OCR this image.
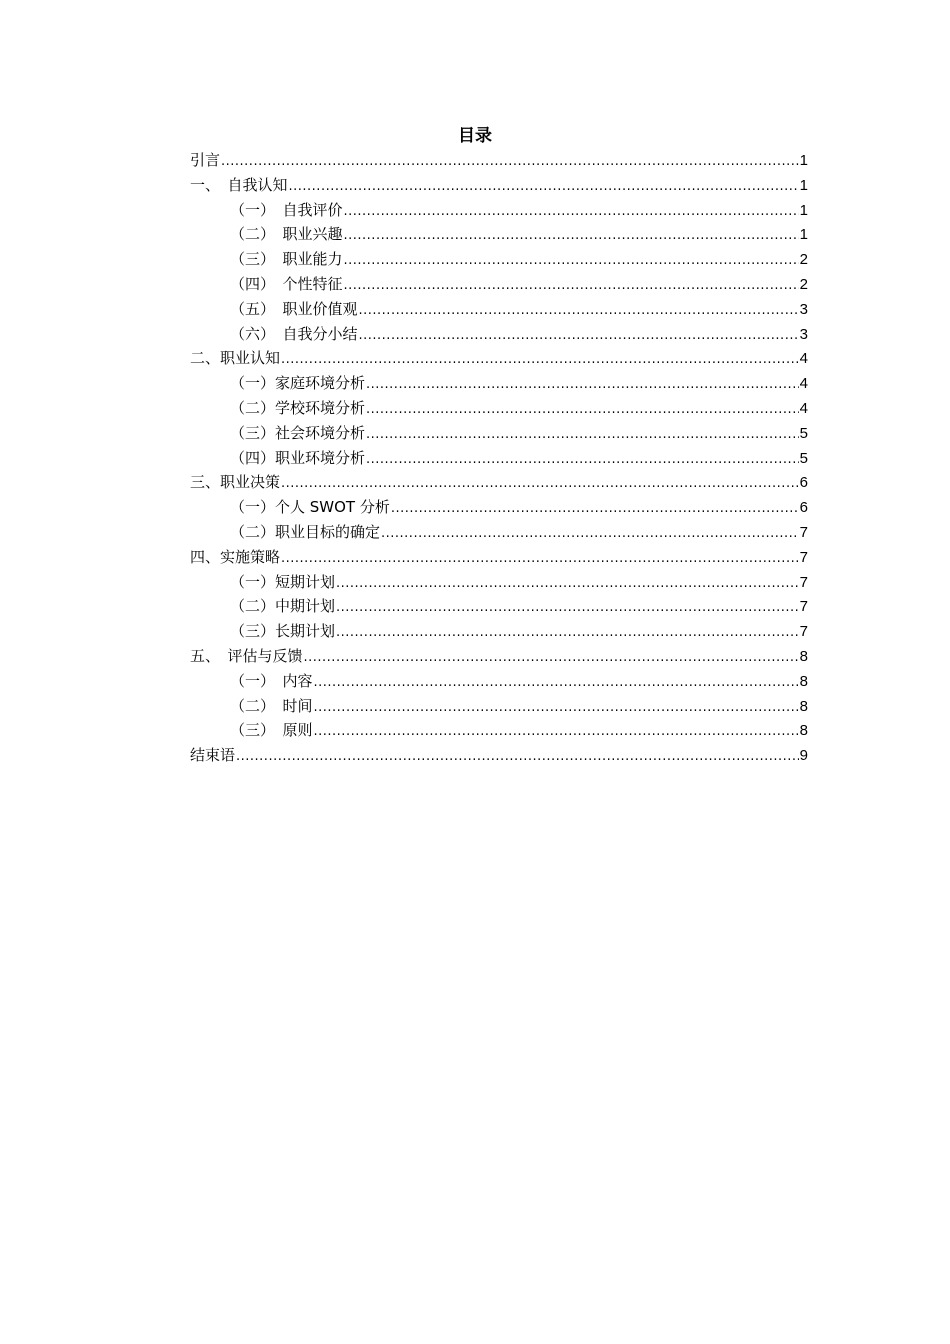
目录
引言 .....	1
一、　自我认知 .....	1
（一）　自我评价 .....	1
（二）　职业兴趣 .....	1
（三）　职业能力 .....	2
（四）　个性特征 .....	2
（五）　职业价值观 .....	3
（六）　自我分小结 .....	3
二、职业认知 .....	4
（一）家庭环境分析 .....	4
（二）学校环境分析 .....	4
（三）社会环境分析 .....	5
（四）职业环境分析 .....	5
三、职业决策 .....	6
（一）个人 SWOT 分析 .....	6
（二）职业目标的确定 .....	7
四、实施策略 .....	7
（一）短期计划 .....	7
（二）中期计划 .....	7
（三）长期计划 .....	7
五、　评估与反馈 .....	8
（一）　内容 .....	8
（二）　时间 .....	8
（三）　原则 .....	8
结束语 .....	9
